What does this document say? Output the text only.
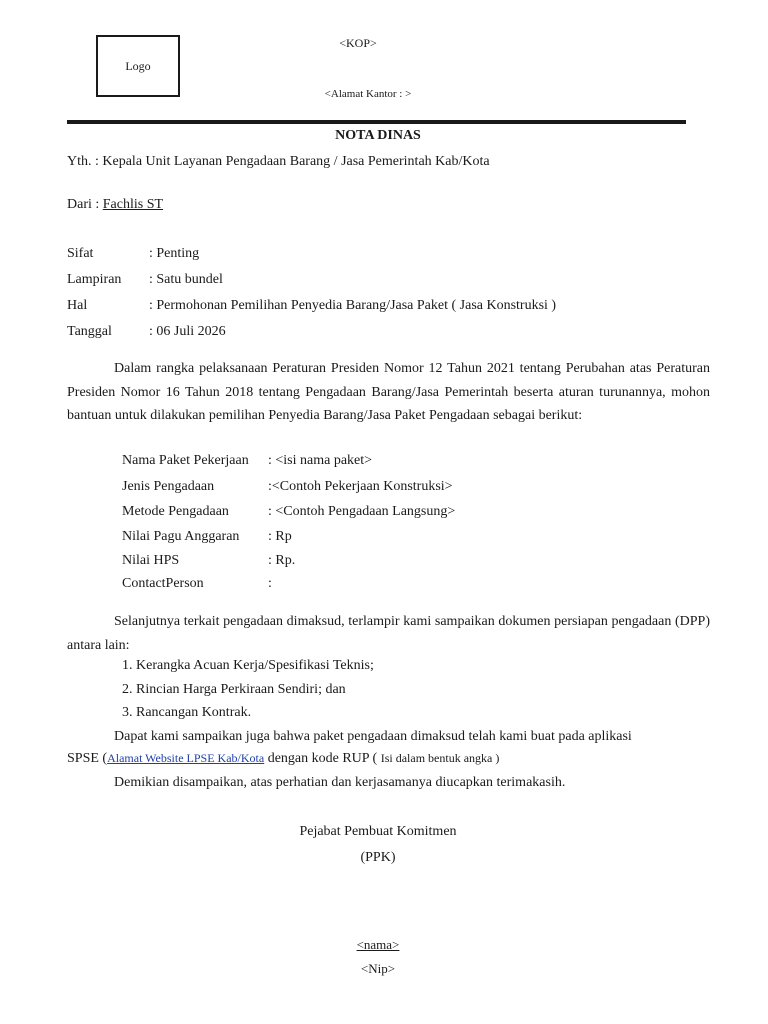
Logo
<KOP>
<Alamat Kantor : >
NOTA DINAS
Yth. : Kepala Unit Layanan Pengadaan Barang / Jasa Pemerintah Kab/Kota
Dari : Fachlis ST
Sifat	: Penting
Lampiran : Satu bundel
Hal	: Permohonan Pemilihan Penyedia Barang/Jasa Paket ( Jasa Konstruksi )
Tanggal	: 06 Juli 2026
Dalam rangka pelaksanaan Peraturan Presiden Nomor 12 Tahun 2021 tentang Perubahan atas Peraturan Presiden Nomor 16 Tahun 2018 tentang Pengadaan Barang/Jasa Pemerintah beserta aturan turunannya, mohon bantuan untuk dilakukan pemilihan Penyedia Barang/Jasa Paket Pengadaan sebagai berikut:
Nama Paket Pekerjaan : <isi nama paket>
Jenis Pengadaan	:<Contoh Pekerjaan Konstruksi>
Metode Pengadaan	: <Contoh Pengadaan Langsung>
Nilai Pagu Anggaran : Rp
Nilai HPS	: Rp.
ContactPerson	:
Selanjutnya terkait pengadaan dimaksud, terlampir kami sampaikan dokumen persiapan pengadaan (DPP) antara lain:
1. Kerangka Acuan Kerja/Spesifikasi Teknis;
2. Rincian Harga Perkiraan Sendiri; dan
3. Rancangan Kontrak.
Dapat kami sampaikan juga bahwa paket pengadaan dimaksud telah kami buat pada aplikasi
SPSE (Alamat Website LPSE Kab/Kota dengan kode RUP ( Isi dalam bentuk angka )
Demikian disampaikan, atas perhatian dan kerjasamanya diucapkan terimakasih.
Pejabat Pembuat Komitmen
(PPK)
<nama>
<Nip>
